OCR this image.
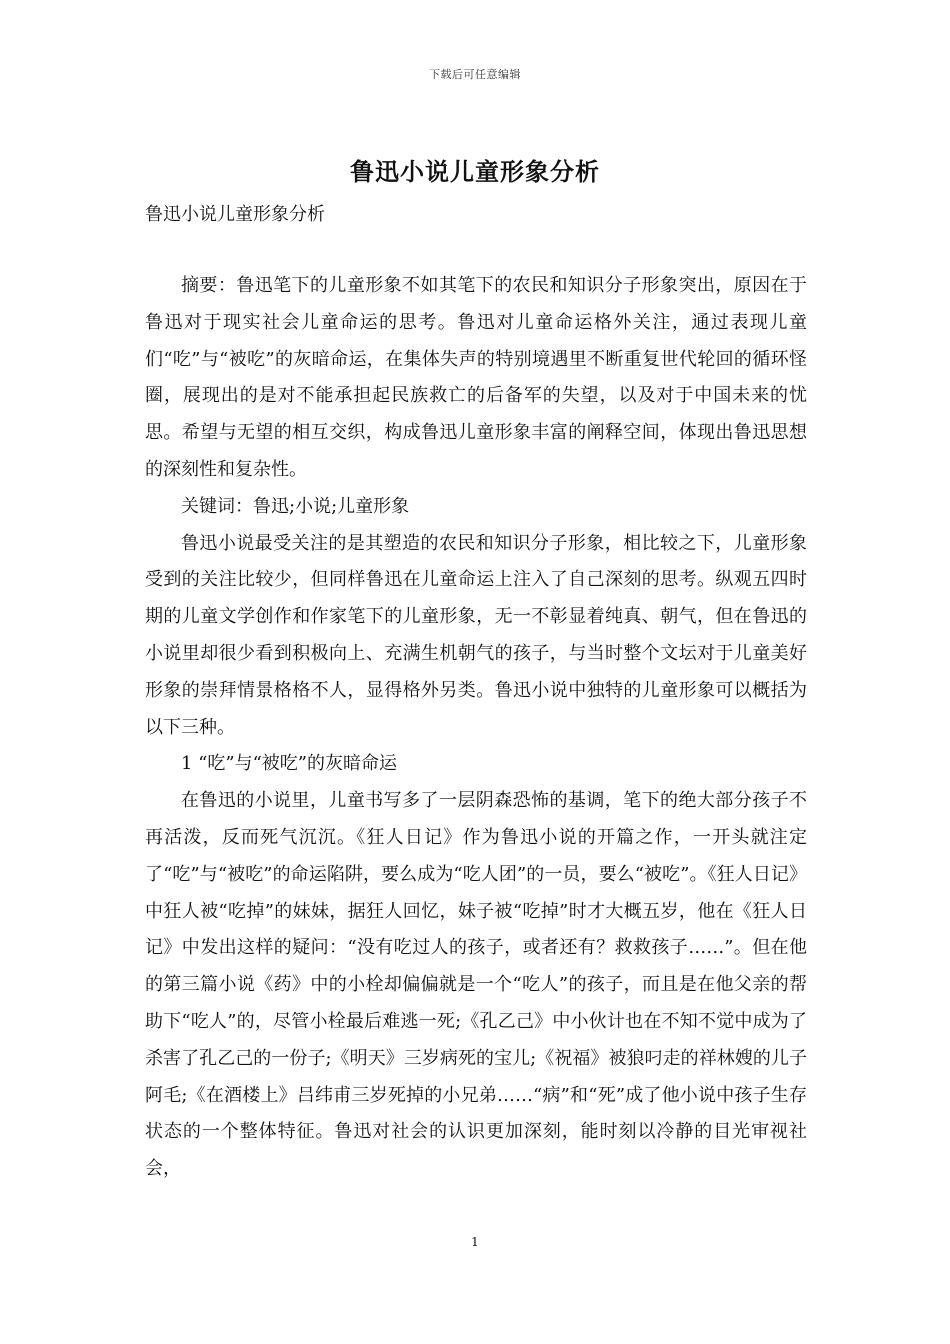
下载后可任意编辑
鲁迅小说儿童形象分析
鲁迅小说儿童形象分析

摘要：鲁迅笔下的儿童形象不如其笔下的农民和知识分子形象突出，原因在于鲁迅对于现实社会儿童命运的思考。鲁迅对儿童命运格外关注，通过表现儿童们“吃”与“被吃”的灰暗命运，在集体失声的特别境遇里不断重复世代轮回的循环怪圈，展现出的是对不能承担起民族救亡的后备军的失望，以及对于中国未来的忧思。希望与无望的相互交织，构成鲁迅儿童形象丰富的阐释空间，体现出鲁迅思想的深刻性和复杂性。

关键词：鲁迅;小说;儿童形象

鲁迅小说最受关注的是其塑造的农民和知识分子形象，相比较之下，儿童形象受到的关注比较少，但同样鲁迅在儿童命运上注入了自己深刻的思考。纵观五四时期的儿童文学创作和作家笔下的儿童形象，无一不彰显着纯真、朝气，但在鲁迅的小说里却很少看到积极向上、充满生机朝气的孩子，与当时整个文坛对于儿童美好形象的崇拜情景格格不人，显得格外另类。鲁迅小说中独特的儿童形象可以概括为以下三种。

1 “吃”与“被吃”的灰暗命运

在鲁迅的小说里，儿童书写多了一层阴森恐怖的基调，笔下的绝大部分孩子不再活泼，反而死气沉沉。《狂人日记》作为鲁迅小说的开篇之作，一开头就注定了“吃”与“被吃”的命运陷阱，要么成为“吃人团”的一员，要么“被吃”。《狂人日记》中狂人被“吃掉”的妹妹，据狂人回忆，妹子被“吃掉”时才大概五岁，他在《狂人日记》中发出这样的疑问：“没有吃过人的孩子，或者还有？救救孩子……”。但在他的第三篇小说《药》中的小栓却偏偏就是一个“吃人”的孩子，而且是在他父亲的帮助下“吃人”的，尽管小栓最后难逃一死;《孔乙己》中小伙计也在不知不觉中成为了杀害了孔乙己的一份子;《明天》三岁病死的宝儿;《祝福》被狼叼走的祥林嫂的儿子阿毛;《在酒楼上》吕纬甫三岁死掉的小兄弟……“病”和“死”成了他小说中孩子生存状态的一个整体特征。鲁迅对社会的认识更加深刻，能时刻以冷静的目光审视社会，

1
